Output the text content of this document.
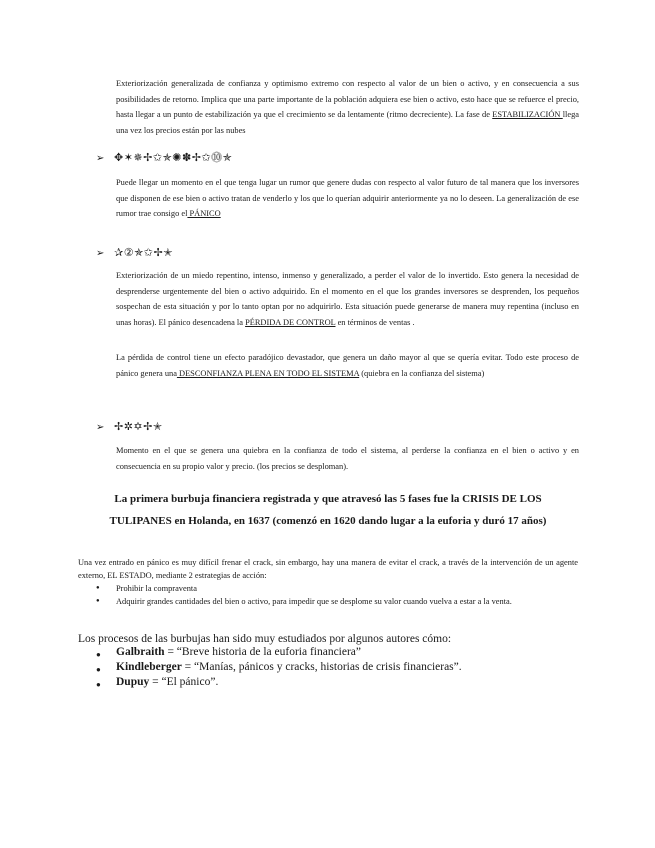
Exteriorización generalizada de confianza y optimismo extremo con respecto al valor de un bien o activo, y en consecuencia a sus posibilidades de retorno. Implica que una parte importante de la población adquiera ese bien o activo, esto hace que se refuerce el precio, hasta llegar a un punto de estabilización ya que el crecimiento se da lentamente (ritmo decreciente). La fase de ESTABILIZACIÓN llega una vez los precios están por las nubes

➢ ✥✶✵✢✩✯✺✽✢✩⓾✯

Puede llegar un momento en el que tenga lugar un rumor que genere dudas con respecto al valor futuro de tal manera que los inversores que disponen de ese bien o activo tratan de venderlo y los que lo querían adquirir anteriormente ya no lo deseen. La generalización de ese rumor trae consigo el PÁNICO

➢ ✰②✯✩✢✭

Exteriorización de un miedo repentino, intenso, inmenso y generalizado, a perder el valor de lo invertido. Esto genera la necesidad de desprenderse urgentemente del bien o activo adquirido. En el momento en el que los grandes inversores se desprenden, los pequeños sospechan de esta situación y por lo tanto optan por no adquirirlo. Esta situación puede generarse de manera muy repentina (incluso en unas horas). El pánico desencadena la PÉRDIDA DE CONTROL en términos de ventas .

La pérdida de control tiene un efecto paradójico devastador, que genera un daño mayor al que se quería evitar. Todo este proceso de pánico genera una DESCONFIANZA PLENA EN TODO EL SISTEMA (quiebra en la confianza del sistema)

➢ ✢✲✡✢✭

Momento en el que se genera una quiebra en la confianza de todo el sistema, al perderse la confianza en el bien o activo y en consecuencia en su propio valor y precio. (los precios se desploman).

La primera burbuja financiera registrada y que atravesó las 5 fases fue la CRISIS DE LOS

TULIPANES en Holanda, en 1637 (comenzó en 1620 dando lugar a la euforia y duró 17 años)

Una vez entrado en pánico es muy difícil frenar el crack, sin embargo, hay una manera de evitar el crack, a través de la intervención de un agente externo, EL ESTADO, mediante 2 estrategias de acción:

● Prohibir la compraventa
● Adquirir grandes cantidades del bien o activo, para impedir que se desplome su valor cuando vuelva a estar a la venta.

Los procesos de las burbujas han sido muy estudiados por algunos autores cómo:

● Galbraith = “Breve historia de la euforia financiera”
● Kindleberger = “Manías, pánicos y cracks, historias de crisis financieras”.
● Dupuy = “El pánico”.
